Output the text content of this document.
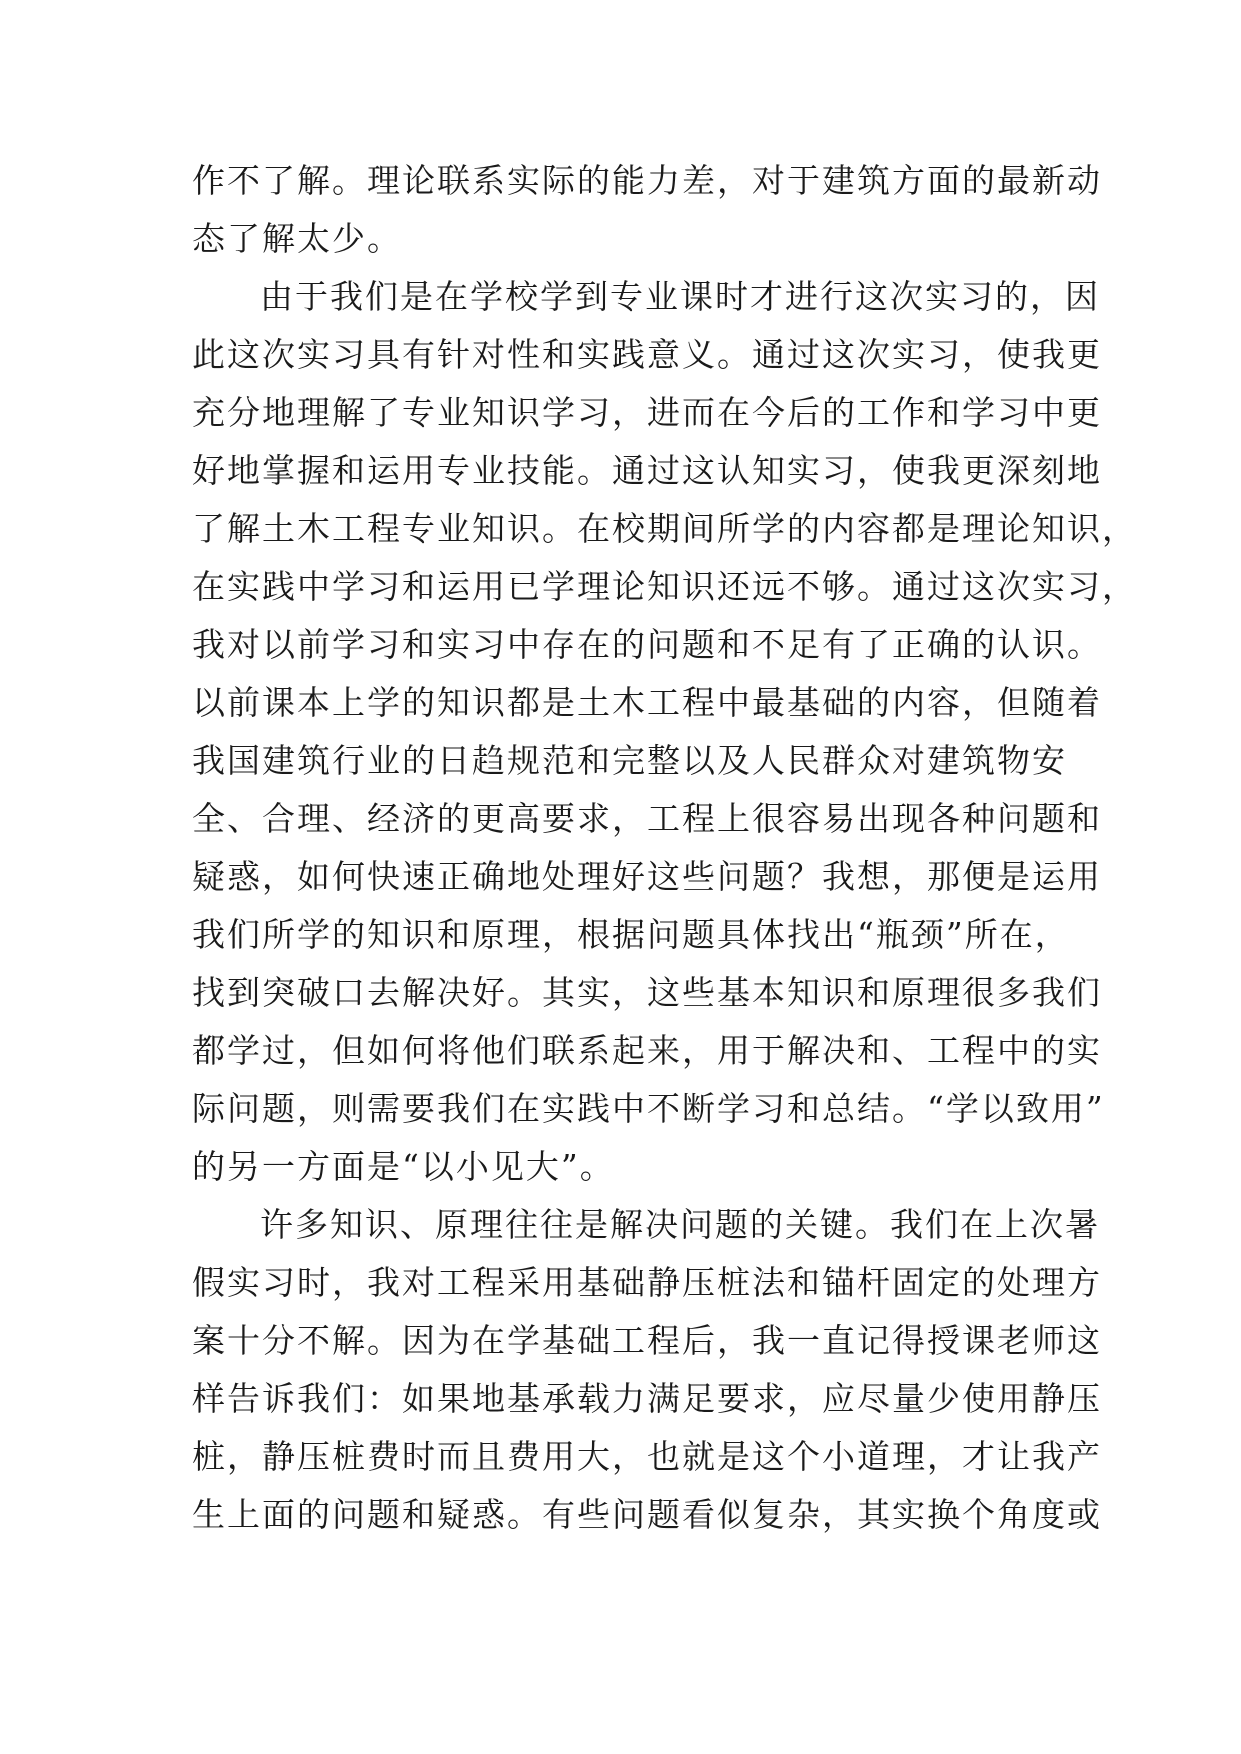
作不了解。理论联系实际的能力差，对于建筑方面的最新动
态了解太少。
由于我们是在学校学到专业课时才进行这次实习的，因
此这次实习具有针对性和实践意义。通过这次实习，使我更
充分地理解了专业知识学习，进而在今后的工作和学习中更
好地掌握和运用专业技能。通过这认知实习，使我更深刻地
了解土木工程专业知识。在校期间所学的内容都是理论知识，
在实践中学习和运用已学理论知识还远不够。通过这次实习，
我对以前学习和实习中存在的问题和不足有了正确的认识。
以前课本上学的知识都是土木工程中最基础的内容，但随着
我国建筑行业的日趋规范和完整以及人民群众对建筑物安
全、合理、经济的更高要求，工程上很容易出现各种问题和
疑惑，如何快速正确地处理好这些问题？我想，那便是运用
我们所学的知识和原理，根据问题具体找出“瓶颈”所在，
找到突破口去解决好。其实，这些基本知识和原理很多我们
都学过，但如何将他们联系起来，用于解决和、工程中的实
际问题，则需要我们在实践中不断学习和总结。“学以致用”
的另一方面是“以小见大”。
许多知识、原理往往是解决问题的关键。我们在上次暑
假实习时，我对工程采用基础静压桩法和锚杆固定的处理方
案十分不解。因为在学基础工程后，我一直记得授课老师这
样告诉我们：如果地基承载力满足要求，应尽量少使用静压
桩，静压桩费时而且费用大，也就是这个小道理，才让我产
生上面的问题和疑惑。有些问题看似复杂，其实换个角度或
